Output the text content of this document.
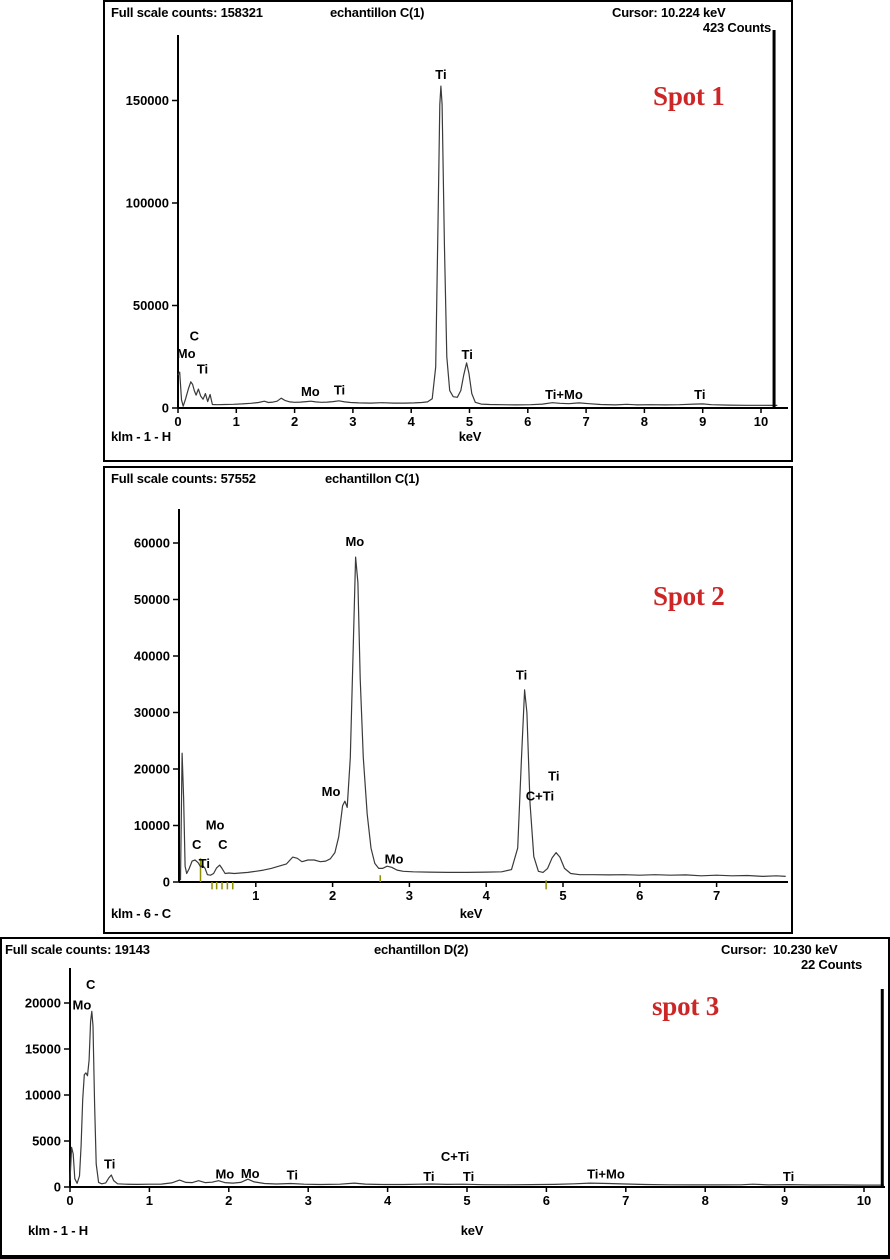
Full scale counts: 158321	echantillon C(1)	Cursor: 10.224 keV
423 Counts
0
50000
100000
150000
0	1	2	3	4	5	6	7	8	9	10
C
Mo
Ti
Mo Ti
Ti
Ti
Ti+Mo	Ti
klm - 1 - H	keV
Spot 1
Full scale counts: 57552	echantillon C(1)
0
10000
20000
30000
40000
50000
60000
1	2	3	4	5	6	7
C
Ti
Mo
C
Mo
Mo
Mo
Ti
C+Ti
Ti
klm - 6 - C	keV
Spot 2
Full scale counts: 19143	echantillon D(2)	Cursor: 10.230 keV
22 Counts
0
5000
10000
15000
20000
0	1	2	3	4	5	6	7	8	9	10
C
Mo
Ti
Mo Mo Ti	Ti
C+Ti
Ti	Ti+Mo	Ti
klm - 1 - H	keV
spot 3
